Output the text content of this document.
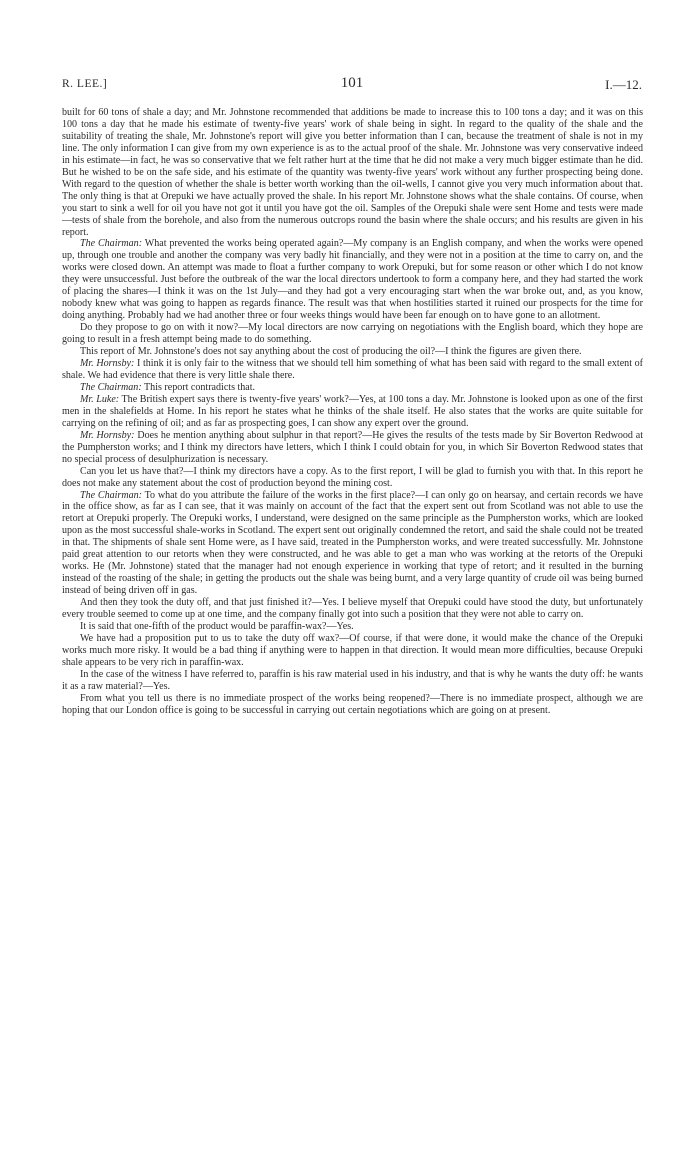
R. LEE.]	101	I.—12.

built for 60 tons of shale a day; and Mr. Johnstone recommended that additions be made to increase this to 100 tons a day; and it was on this 100 tons a day that he made his estimate of twenty-five years' work of shale being in sight. In regard to the quality of the shale and the suitability of treating the shale, Mr. Johnstone's report will give you better information than I can, because the treatment of shale is not in my line. The only information I can give from my own experience is as to the actual proof of the shale. Mr. Johnstone was very conservative indeed in his estimate—in fact, he was so conservative that we felt rather hurt at the time that he did not make a very much bigger estimate than he did. But he wished to be on the safe side, and his estimate of the quantity was twenty-five years' work without any further prospecting being done. With regard to the question of whether the shale is better worth working than the oil-wells, I cannot give you very much information about that. The only thing is that at Orepuki we have actually proved the shale. In his report Mr. Johnstone shows what the shale contains. Of course, when you start to sink a well for oil you have not got it until you have got the oil. Samples of the Orepuki shale were sent Home and tests were made—tests of shale from the borehole, and also from the numerous outcrops round the basin where the shale occurs; and his results are given in his report.

The Chairman: What prevented the works being operated again?—My company is an English company, and when the works were opened up, through one trouble and another the company was very badly hit financially, and they were not in a position at the time to carry on, and the works were closed down. An attempt was made to float a further company to work Orepuki, but for some reason or other which I do not know they were unsuccessful. Just before the outbreak of the war the local directors undertook to form a company here, and they had started the work of placing the shares—I think it was on the 1st July—and they had got a very encouraging start when the war broke out, and, as you know, nobody knew what was going to happen as regards finance. The result was that when hostilities started it ruined our prospects for the time for doing anything. Probably had we had another three or four weeks things would have been far enough on to have gone to an allotment.

Do they propose to go on with it now?—My local directors are now carrying on negotiations with the English board, which they hope are going to result in a fresh attempt being made to do something.

This report of Mr. Johnstone's does not say anything about the cost of producing the oil?—I think the figures are given there.

Mr. Hornsby: I think it is only fair to the witness that we should tell him something of what has been said with regard to the small extent of shale. We had evidence that there is very little shale there.

The Chairman: This report contradicts that.

Mr. Luke: The British expert says there is twenty-five years' work?—Yes, at 100 tons a day. Mr. Johnstone is looked upon as one of the first men in the shalefields at Home. In his report he states what he thinks of the shale itself. He also states that the works are quite suitable for carrying on the refining of oil; and as far as prospecting goes, I can show any expert over the ground.

Mr. Hornsby: Does he mention anything about sulphur in that report?—He gives the results of the tests made by Sir Boverton Redwood at the Pumpherston works; and I think my directors have letters, which I think I could obtain for you, in which Sir Boverton Redwood states that no special process of desulphurization is necessary.

Can you let us have that?—I think my directors have a copy. As to the first report, I will be glad to furnish you with that. In this report he does not make any statement about the cost of production beyond the mining cost.

The Chairman: To what do you attribute the failure of the works in the first place?—I can only go on hearsay, and certain records we have in the office show, as far as I can see, that it was mainly on account of the fact that the expert sent out from Scotland was not able to use the retort at Orepuki properly. The Orepuki works, I understand, were designed on the same principle as the Pumpherston works, which are looked upon as the most successful shale-works in Scotland. The expert sent out originally condemned the retort, and said the shale could not be treated in that. The shipments of shale sent Home were, as I have said, treated in the Pumpherston works, and were treated successfully. Mr. Johnstone paid great attention to our retorts when they were constructed, and he was able to get a man who was working at the retorts of the Orepuki works. He (Mr. Johnstone) stated that the manager had not enough experience in working that type of retort; and it resulted in the burning instead of the roasting of the shale; in getting the products out the shale was being burnt, and a very large quantity of crude oil was being burned instead of being driven off in gas.

And then they took the duty off, and that just finished it?—Yes. I believe myself that Orepuki could have stood the duty, but unfortunately every trouble seemed to come up at one time, and the company finally got into such a position that they were not able to carry on.

It is said that one-fifth of the product would be paraffin-wax?—Yes.

We have had a proposition put to us to take the duty off wax?—Of course, if that were done, it would make the chance of the Orepuki works much more risky. It would be a bad thing if anything were to happen in that direction. It would mean more difficulties, because Orepuki shale appears to be very rich in paraffin-wax.

In the case of the witness I have referred to, paraffin is his raw material used in his industry, and that is why he wants the duty off: he wants it as a raw material?—Yes.

From what you tell us there is no immediate prospect of the works being reopened?—There is no immediate prospect, although we are hoping that our London office is going to be successful in carrying out certain negotiations which are going on at present.
